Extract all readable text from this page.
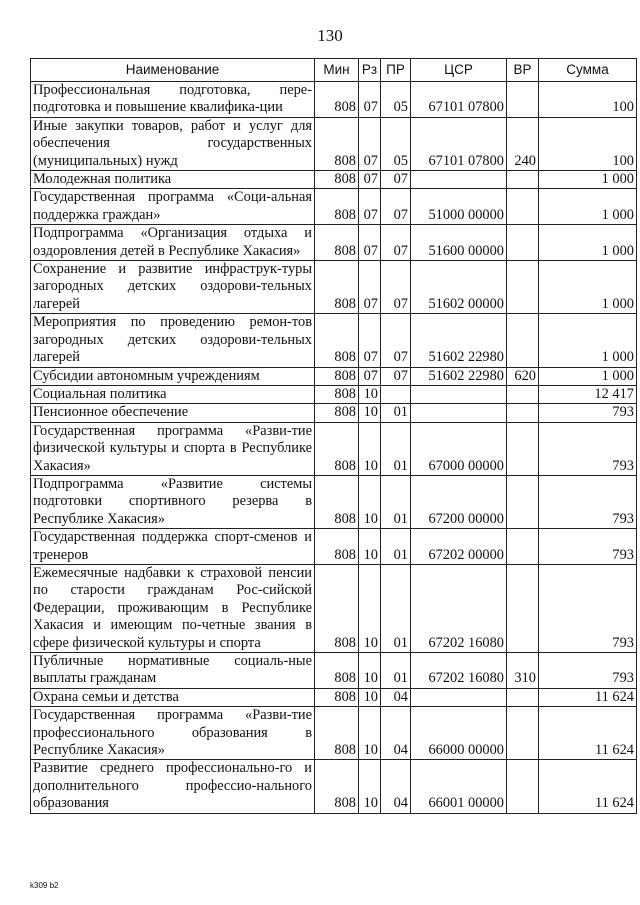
130
Наименование	Мин	Рз	ПР	ЦСР	ВР	Сумма
Профессиональная подготовка, пере-подготовка и повышение квалифика-ции	808	07	05	67101 07800		100
Иные закупки товаров, работ и услуг для обеспечения государственных (муниципальных) нужд	808	07	05	67101 07800	240	100
Молодежная политика	808	07	07			1 000
Государственная программа «Соци-альная поддержка граждан»	808	07	07	51000 00000		1 000
Подпрограмма «Организация отдыха и оздоровления детей в Республике Хакасия»	808	07	07	51600 00000		1 000
Сохранение и развитие инфраструк-туры загородных детских оздорови-тельных лагерей	808	07	07	51602 00000		1 000
Мероприятия по проведению ремон-тов загородных детских оздорови-тельных лагерей	808	07	07	51602 22980		1 000
Субсидии автономным учреждениям	808	07	07	51602 22980	620	1 000
Социальная политика	808	10				12 417
Пенсионное обеспечение	808	10	01			793
Государственная программа «Разви-тие физической культуры и спорта в Республике Хакасия»	808	10	01	67000 00000		793
Подпрограмма «Развитие системы подготовки спортивного резерва в Республике Хакасия»	808	10	01	67200 00000		793
Государственная поддержка спорт-сменов и тренеров	808	10	01	67202 00000		793
Ежемесячные надбавки к страховой пенсии по старости гражданам Рос-сийской Федерации, проживающим в Республике Хакасия и имеющим по-четные звания в сфере физической культуры и спорта	808	10	01	67202 16080		793
Публичные нормативные социаль-ные выплаты гражданам	808	10	01	67202 16080	310	793
Охрана семьи и детства	808	10	04			11 624
Государственная программа «Разви-тие профессионального образования в Республике Хакасия»	808	10	04	66000 00000		11 624
Развитие среднего профессионально-го и дополнительного профессио-нального образования	808	10	04	66001 00000		11 624
k309 b2
